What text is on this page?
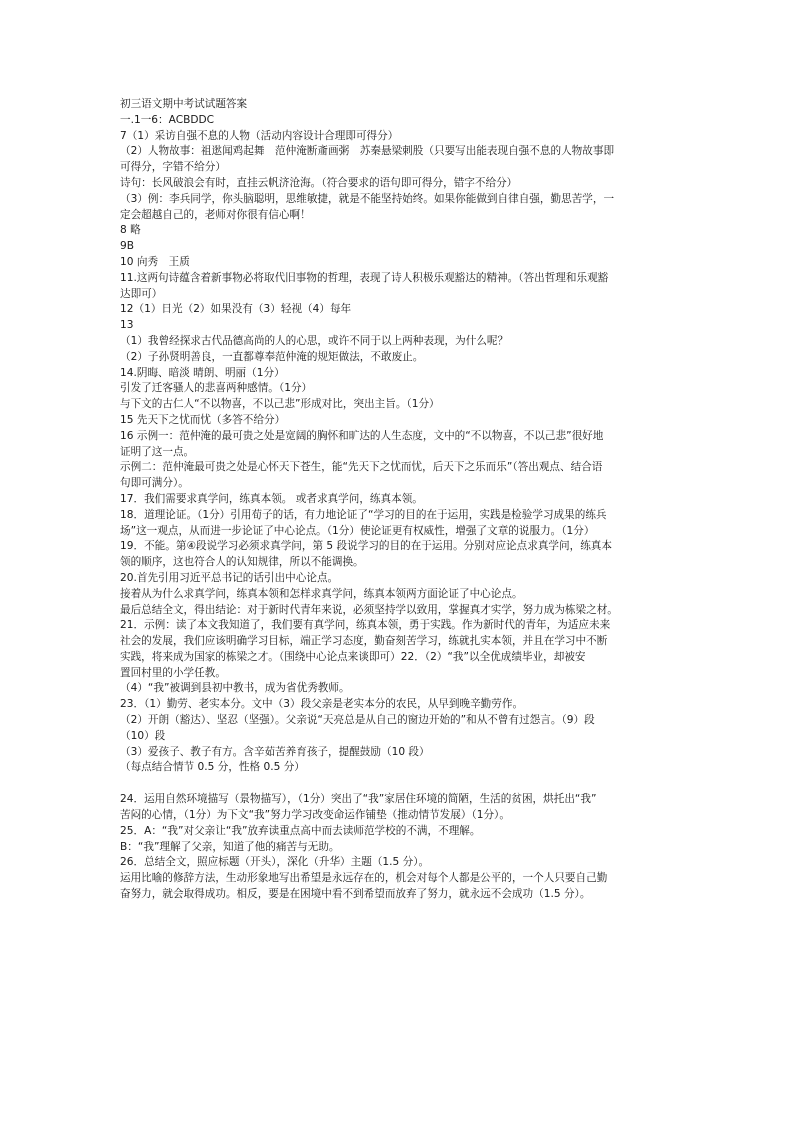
初三语文期中考试试题答案
一.1一6：ACBDDC
7（1）采访自强不息的人物（活动内容设计合理即可得分）
（2）人物故事：祖逖闻鸡起舞　范仲淹断齑画粥　苏秦悬梁刺股（只要写出能表现自强不息的人物故事即
可得分，字错不给分）
诗句：长风破浪会有时，直挂云帆济沧海。（符合要求的语句即可得分，错字不给分）
（3）例：李兵同学，你头脑聪明，思维敏捷，就是不能坚持始终。如果你能做到自律自强，勤思苦学，一
定会超越自己的，老师对你很有信心啊！
8 略
9B
10 向秀　王质
11.这两句诗蕴含着新事物必将取代旧事物的哲理，表现了诗人积极乐观豁达的精神。（答出哲理和乐观豁
达即可）
12（1）日光（2）如果没有（3）轻视（4）每年
13
（1）我曾经探求古代品德高尚的人的心思，或许不同于以上两种表现，为什么呢？
（2）子孙贤明善良，一直都尊奉范仲淹的规矩做法，不敢废止。
14.阴晦、暗淡 晴朗、明丽（1分）
引发了迁客骚人的悲喜两种感情。（1分）
与下文的古仁人“不以物喜，不以己悲”形成对比，突出主旨。（1分）
15 先天下之忧而忧（多答不给分）
16 示例一：范仲淹的最可贵之处是宽阔的胸怀和旷达的人生态度，文中的“不以物喜，不以己悲”很好地
证明了这一点。
示例二：范仲淹最可贵之处是心怀天下苍生，能“先天下之忧而忧，后天下之乐而乐”（答出观点、结合语
句即可满分）。
17．我们需要求真学问，练真本领。 或者求真学问，练真本领。
18．道理论证。（1分）引用荀子的话，有力地论证了“学习的目的在于运用，实践是检验学习成果的练兵
场”这一观点，从而进一步论证了中心论点。（1分）使论证更有权威性，增强了文章的说服力。（1分）
19．不能。第④段说学习必须求真学问，第 5 段说学习的目的在于运用。分别对应论点求真学问，练真本
领的顺序，这也符合人的认知规律，所以不能调换。
20.首先引用习近平总书记的话引出中心论点。
接着从为什么求真学问，练真本领和怎样求真学问，练真本领两方面论证了中心论点。
最后总结全文，得出结论：对于新时代青年来说，必须坚持学以致用，掌握真才实学，努力成为栋梁之材。
21．示例：读了本文我知道了，我们要有真学问，练真本领，勇于实践。作为新时代的青年，为适应未来
社会的发展，我们应该明确学习目标，端正学习态度，勤奋刻苦学习，练就扎实本领，并且在学习中不断
实践，将来成为国家的栋梁之才。（围绕中心论点来谈即可）22．（2）“我”以全优成绩毕业，却被安
置回村里的小学任教。
（4）“我”被调到县初中教书，成为省优秀教师。
23．（1）勤劳、老实本分。文中（3）段父亲是老实本分的农民，从早到晚辛勤劳作。
（2）开朗（豁达）、坚忍（坚强）。父亲说“天亮总是从自己的窗边开始的”和从不曾有过怨言。（9）段
（10）段
（3）爱孩子、教子有方。含辛茹苦养育孩子，提醒鼓励（10 段）
（每点结合情节 0.5 分，性格 0.5 分）
24．运用自然环境描写（景物描写），（1分）突出了“我”家居住环境的简陋，生活的贫困，烘托出“我”
苦闷的心情，（1分）为下文“我”努力学习改变命运作铺垫（推动情节发展）（1分）。
25．A：“我”对父亲让“我”放弃读重点高中而去读师范学校的不满，不理解。
B：“我”理解了父亲，知道了他的痛苦与无助。
26．总结全文，照应标题（开头），深化（升华）主题（1.5 分）。
运用比喻的修辞方法，生动形象地写出希望是永远存在的，机会对每个人都是公平的，一个人只要自己勤
奋努力，就会取得成功。相反，要是在困境中看不到希望而放弃了努力，就永远不会成功（1.5 分）。
